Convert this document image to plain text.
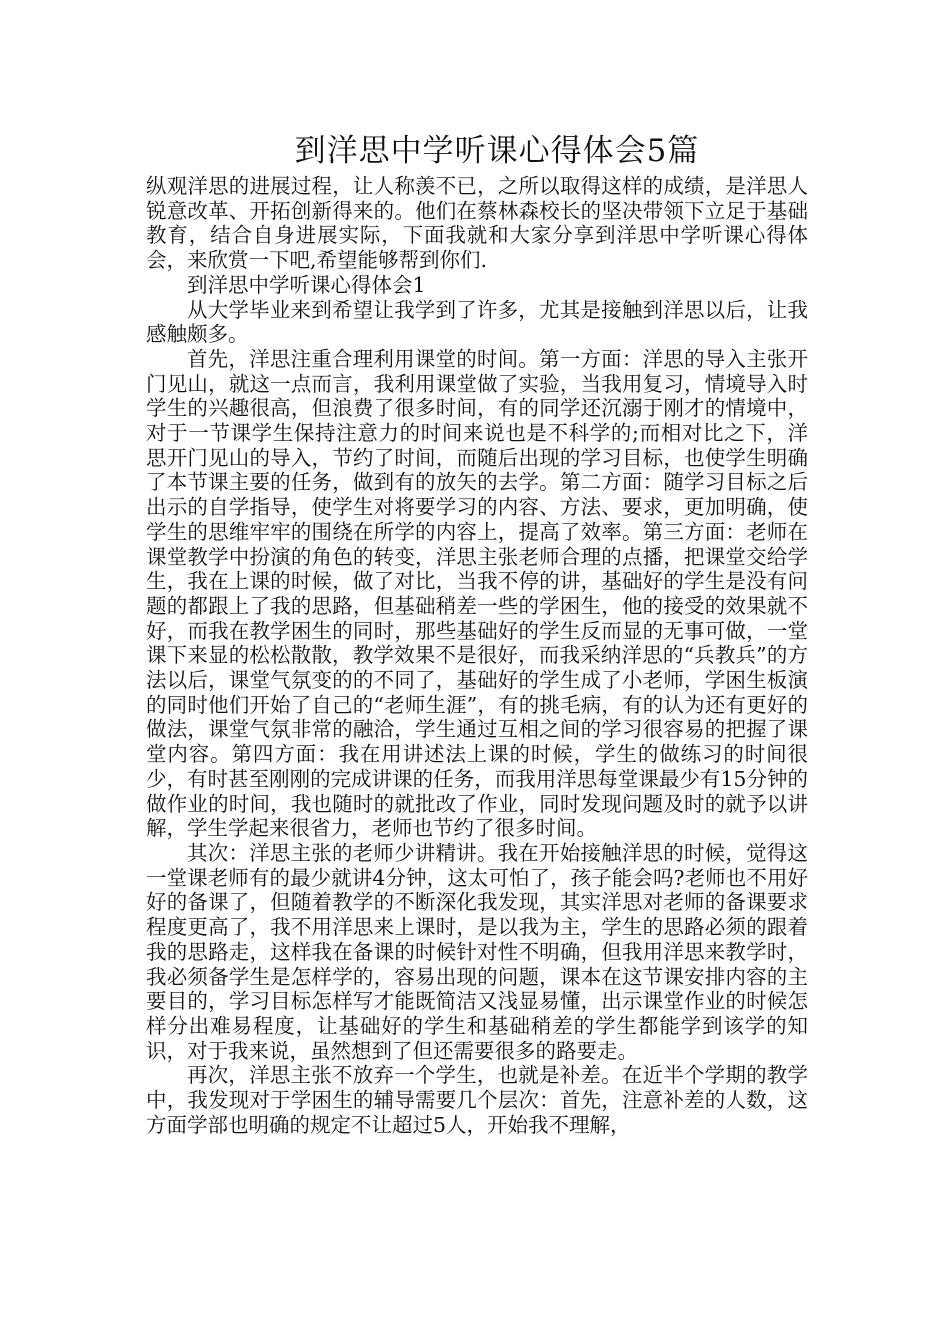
到洋思中学听课心得体会5篇

纵观洋思的进展过程，让人称羡不已，之所以取得这样的成绩，是洋思人锐意改革、开拓创新得来的。他们在蔡林森校长的坚决带领下立足于基础教育，结合自身进展实际，下面我就和大家分享到洋思中学听课心得体会，来欣赏一下吧,希望能够帮到你们.

到洋思中学听课心得体会1

从大学毕业来到希望让我学到了许多，尤其是接触到洋思以后，让我感触颇多。

首先，洋思注重合理利用课堂的时间。第一方面：洋思的导入主张开门见山，就这一点而言，我利用课堂做了实验，当我用复习，情境导入时学生的兴趣很高，但浪费了很多时间，有的同学还沉溺于刚才的情境中，对于一节课学生保持注意力的时间来说也是不科学的;而相对比之下，洋思开门见山的导入，节约了时间，而随后出现的学习目标，也使学生明确了本节课主要的任务，做到有的放矢的去学。第二方面：随学习目标之后出示的自学指导，使学生对将要学习的内容、方法、要求，更加明确，使学生的思维牢牢的围绕在所学的内容上，提高了效率。第三方面：老师在课堂教学中扮演的角色的转变，洋思主张老师合理的点播，把课堂交给学生，我在上课的时候，做了对比，当我不停的讲，基础好的学生是没有问题的都跟上了我的思路，但基础稍差一些的学困生，他的接受的效果就不好，而我在教学困生的同时，那些基础好的学生反而显的无事可做，一堂课下来显的松松散散，教学效果不是很好，而我采纳洋思的“兵教兵”的方法以后，课堂气氛变的的不同了，基础好的学生成了小老师，学困生板演的同时他们开始了自己的“老师生涯”，有的挑毛病，有的认为还有更好的做法，课堂气氛非常的融洽，学生通过互相之间的学习很容易的把握了课堂内容。第四方面：我在用讲述法上课的时候，学生的做练习的时间很少，有时甚至刚刚的完成讲课的任务，而我用洋思每堂课最少有15分钟的做作业的时间，我也随时的就批改了作业，同时发现问题及时的就予以讲解，学生学起来很省力，老师也节约了很多时间。

其次：洋思主张的老师少讲精讲。我在开始接触洋思的时候，觉得这一堂课老师有的最少就讲4分钟，这太可怕了，孩子能会吗?老师也不用好好的备课了，但随着教学的不断深化我发现，其实洋思对老师的备课要求程度更高了，我不用洋思来上课时，是以我为主，学生的思路必须的跟着我的思路走，这样我在备课的时候针对性不明确，但我用洋思来教学时，我必须备学生是怎样学的，容易出现的问题，课本在这节课安排内容的主要目的，学习目标怎样写才能既简洁又浅显易懂，出示课堂作业的时候怎样分出难易程度，让基础好的学生和基础稍差的学生都能学到该学的知识，对于我来说，虽然想到了但还需要很多的路要走。

再次，洋思主张不放弃一个学生，也就是补差。在近半个学期的教学中，我发现对于学困生的辅导需要几个层次：首先，注意补差的人数，这方面学部也明确的规定不让超过5人，开始我不理解，
